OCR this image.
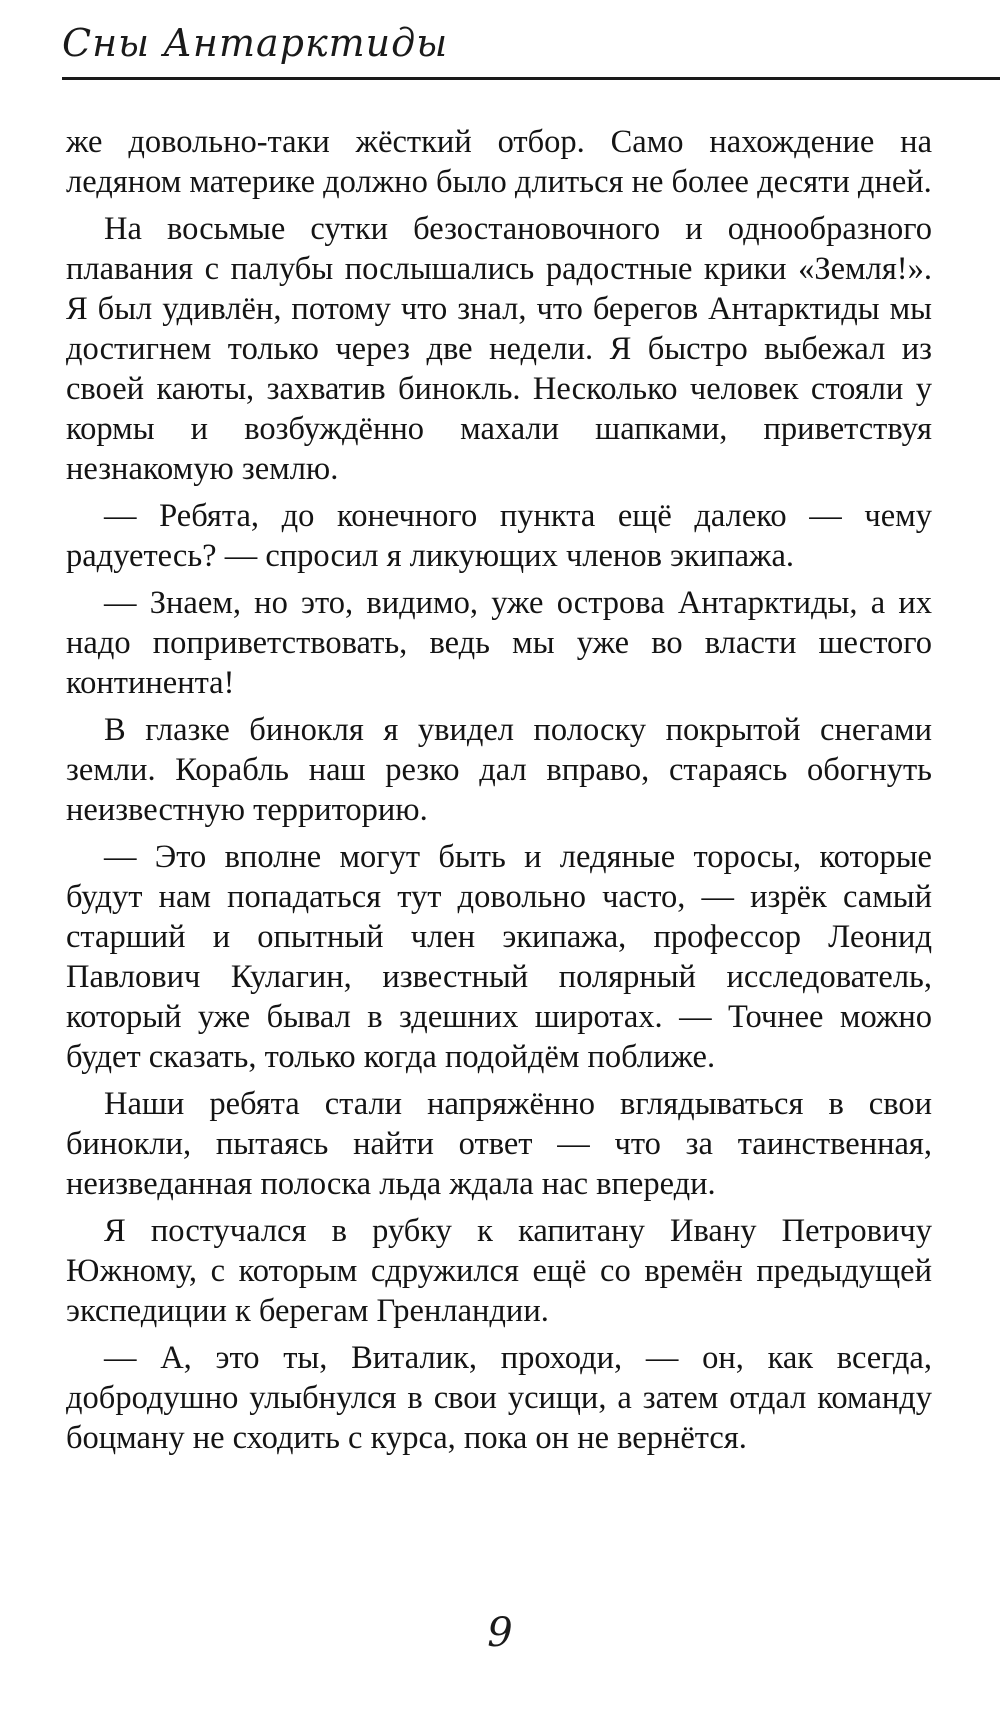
Сны Антарктиды

же довольно-таки жёсткий отбор. Само нахождение на ледяном материке должно было длиться не более десяти дней.

На восьмые сутки безостановочного и однообразного плавания с палубы послышались радостные крики «Земля!». Я был удивлён, потому что знал, что берегов Антарктиды мы достигнем только через две недели. Я быстро выбежал из своей каюты, захватив бинокль. Несколько человек стояли у кормы и возбуждённо махали шапками, приветствуя незнакомую землю.

— Ребята, до конечного пункта ещё далеко — чему радуетесь? — спросил я ликующих членов экипажа.

— Знаем, но это, видимо, уже острова Антарктиды, а их надо поприветствовать, ведь мы уже во власти шестого континента!

В глазке бинокля я увидел полоску покрытой снегами земли. Корабль наш резко дал вправо, стараясь обогнуть неизвестную территорию.

— Это вполне могут быть и ледяные торосы, которые будут нам попадаться тут довольно часто, — изрёк самый старший и опытный член экипажа, профессор Леонид Павлович Кулагин, известный полярный исследователь, который уже бывал в здешних широтах. — Точнее можно будет сказать, только когда подойдём поближе.

Наши ребята стали напряжённо вглядываться в свои бинокли, пытаясь найти ответ — что за таинственная, неизведанная полоска льда ждала нас впереди.

Я постучался в рубку к капитану Ивану Петровичу Южному, с которым сдружился ещё со времён предыдущей экспедиции к берегам Гренландии.

— А, это ты, Виталик, проходи, — он, как всегда, добродушно улыбнулся в свои усищи, а затем отдал команду боцману не сходить с курса, пока он не вернётся.

9
